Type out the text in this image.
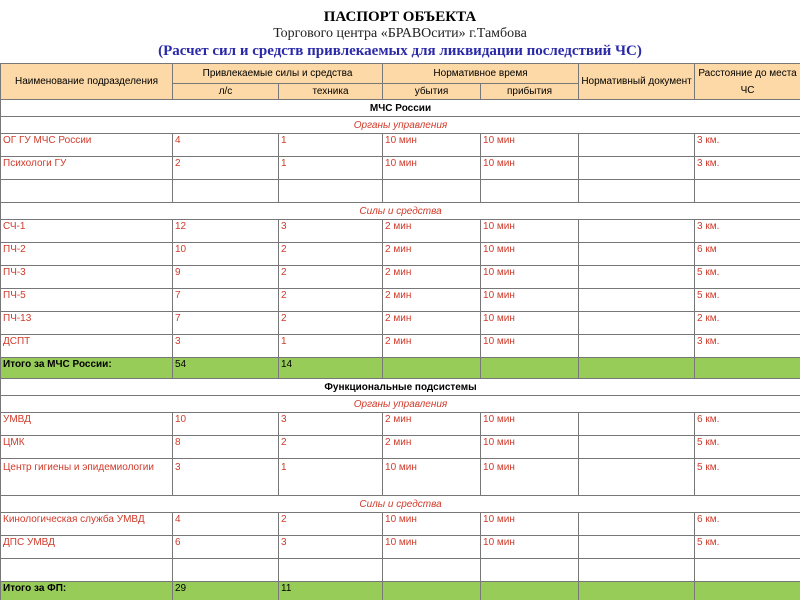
ПАСПОРТ ОБЪЕКТА
Торгового центра «БРАВОсити» г.Тамбова
(Расчет сил и средств привлекаемых для ликвидации последствий ЧС)
Наименование подразделения	Привлекаемые силы и средства		Нормативное время		Нормативный документ	Расстояние до места ЧС
	л/с	техника	убытия	прибытия		
МЧС России						
Органы управления						
ОГ ГУ МЧС России	4	1	10 мин	10 мин		3 км.
Психологи ГУ	2	1	10 мин	10 мин		3 км.

Силы и средства						
СЧ-1	12	3	2 мин	10 мин		3 км.
ПЧ-2	10	2	2 мин	10 мин		6 км
ПЧ-3	9	2	2 мин	10 мин		5 км.
ПЧ-5	7	2	2 мин	10 мин		5 км.
ПЧ-13	7	2	2 мин	10 мин		2 км.
ДСПТ	3	1	2 мин	10 мин		3 км.
Итого за МЧС России:	54	14				
Функциональные подсистемы						
Органы управления						
УМВД	10	3	2 мин	10 мин		6 км.
ЦМК	8	2	2 мин	10 мин		5 км.
Центр гигиены и эпидемиологии	3	1	10 мин	10 мин		5 км.
Силы и средства						
Кинологическая служба УМВД	4	2	10 мин	10 мин		6 км.
ДПС УМВД	6	3	10 мин	10 мин		5 км.

Итого за ФП:	29	11				
